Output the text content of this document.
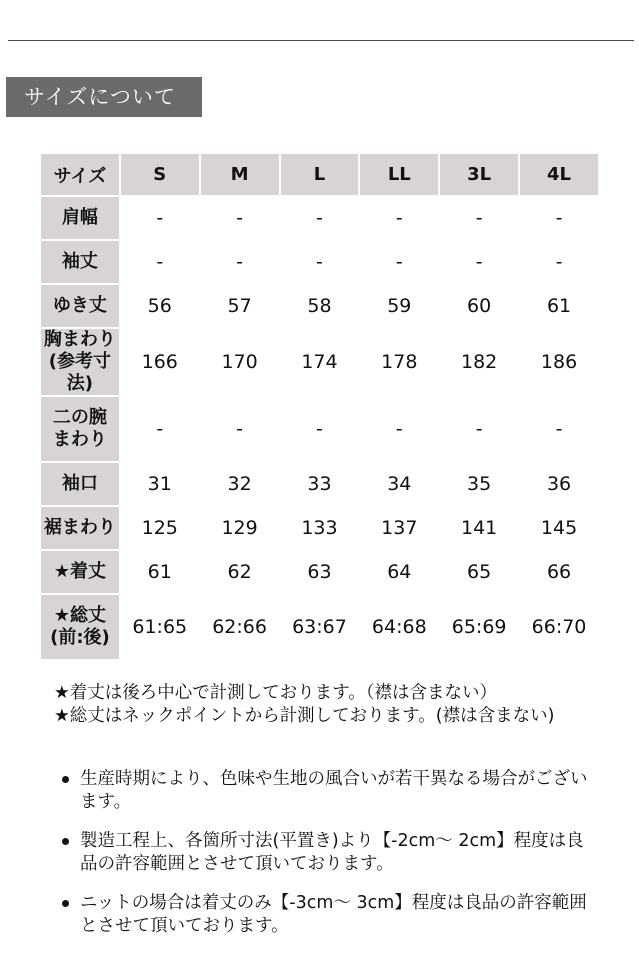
サイズについて
サイズ	S	M	L	LL	3L	4L
肩幅	-	-	-	-	-	-
袖丈	-	-	-	-	-	-
ゆき丈	56	57	58	59	60	61
胸まわり
(参考寸法)	166	170	174	178	182	186
二の腕
まわり	-	-	-	-	-	-
袖口	31	32	33	34	35	36
裾まわり	125	129	133	137	141	145
★着丈	61	62	63	64	65	66
★総丈
(前:後)	61:65	62:66	63:67	64:68	65:69	66:70

★着丈は後ろ中心で計測しております。（襟は含まない）

★総丈はネックポイントから計測しております。(襟は含まない)

生産時期により、色味や生地の風合いが若干異なる場合がございます。
製造工程上、各箇所寸法(平置き)より【-2cm～ 2cm】程度は良品の許容範囲とさせて頂いております。
ニットの場合は着丈のみ【-3cm～ 3cm】程度は良品の許容範囲とさせて頂いております。
